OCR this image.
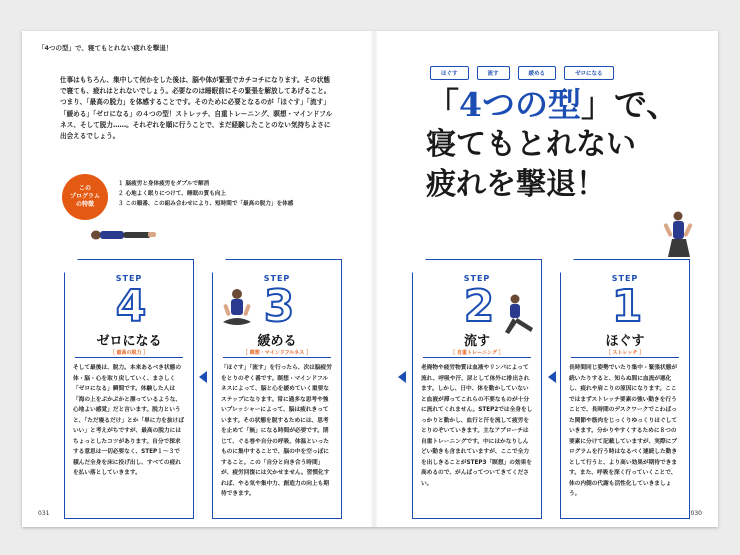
「4つの型」で、寝てもとれない疲れを撃退！
仕事はもちろん、集中して何かをした後は、脳や体が緊張でカチコチになります。その状態で寝ても、疲れはとれないでしょう。必要なのは睡眠前にその緊張を解放してあげること。つまり、「最高の脱力」を体感することです。そのために必要となるのが「ほぐす」「流す」「緩める」「ゼロになる」の４つの型！ストレッチ、自重トレーニング、瞑想・マインドフルネス、そして脱力……。それぞれを順に行うことで、まだ経験したことのない気持ちよさに出会えるでしょう。
この
プログラム
の特徴
１ 脳疲労と身体疲労をダブルで解消
２ 心地よく眠りにつけて、睡眠の質も向上
３ この順番、この組み合わせにより、短時間で「最高の脱力」を体感
ほぐす	流す	緩める	ゼロになる
「4つの型」で、
寝てもとれない
疲れを撃退！
STEP
4
ゼロになる
［ 最高の脱力 ］
そして最後は、脱力。本来あるべき状態の体・脳・心を取り戻していく、まさしく「ゼロになる」瞬間です。体験した人は「海の上をぷかぷかと漂っているような、心地よい感覚」だと言います。脱力というと、「ただ寝るだけ」とか「単に力を抜けばいい」と考えがちですが、最高の脱力にはちょっとしたコツがあります。自分で探求する意思は一切必要なく、STEP１～３で積んだ全身を床に投げ出し、すべての疲れを払い落としていきます。
STEP
3
緩める
［ 瞑想・マインドフルネス ］
「ほぐす」「流す」を行ったら、次は脳疲労をとりのぞく番です。瞑想・マインドフルネスによって、脳と心を緩めていく重要なステップになります。常に過多な思考や強いプレッシャーによって、脳は疲れきっています。その状態を脱するためには、思考を止めて「無」になる時間が必要です。閉じて、ぐる巻や自分の呼吸、体温といったものに集中することで、脳の中を空っぽにすること。この「自分と向き合う時間」が、疲労回復には欠かせません。習慣化すれば、やる気や集中力、創造力の向上も期待できます。
STEP
2
流す
［ 自重トレーニング ］
老廃物や疲労物質は血液やリンパによって流れ、呼吸や汗、尿として体外に排出されます。しかし、日中、体を動かしていないと血液が滞ってこれらの不要なものが十分に流れてくれません。STEP2では全身をしっかりと動かし、血行と汗を流して疲労をとりのぞいていきます。主なアプローチは自重トレーニングです。中にはかなりしんどい動きも含まれていますが、ここで全力を出しきることがSTEP3「瞑想」の効果を高めるので、がんばってついてきてください。
STEP
1
ほぐす
［ ストレッチ ］
長時間同じ姿勢でいたり集中・緊張状態が続いたりすると、知らぬ間に血流が悪化し、疲れや肩こりの原因になります。ここではまずストレッチ要素の強い動きを行うことで、長時間のデスクワークでこわばった関節や筋肉をじっくりゆっくりほぐしていきます。分かりやすくするために８つの要素に分けて記載していますが、実際にプログラムを行う時はなるべく連続した動きとして行うと、より高い効果が期待できます。また、呼吸を深く行っていくことで、体の内側の代謝も活性化していきましょう。
031	030
